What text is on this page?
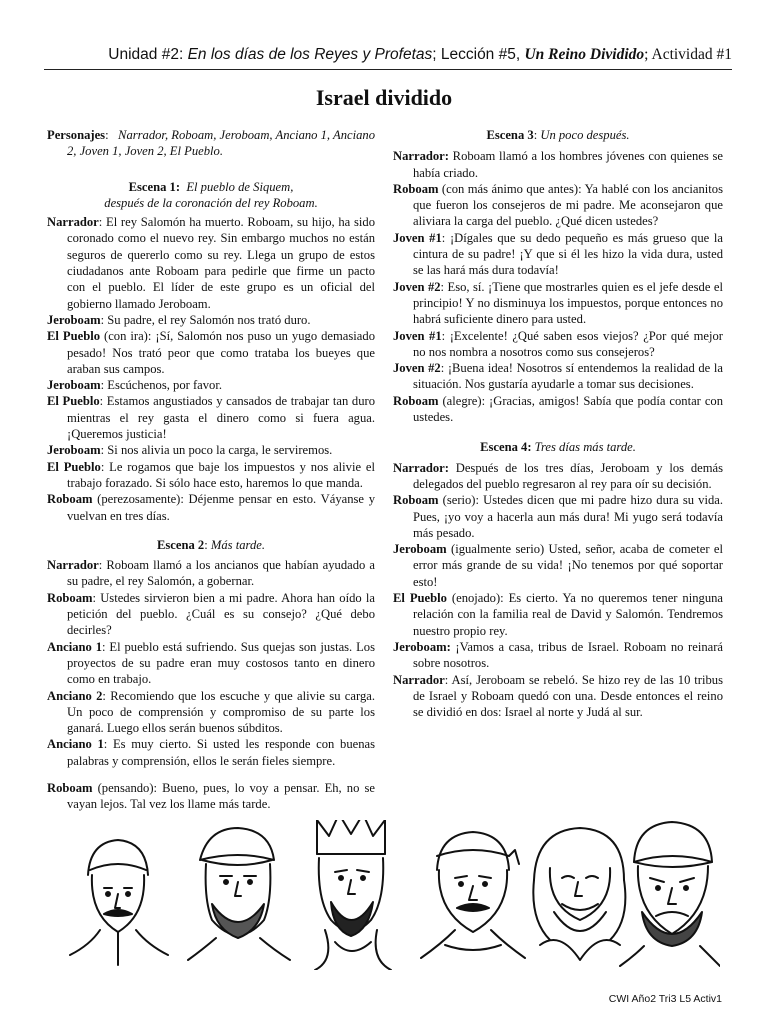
Unidad #2: En los días de los Reyes y Profetas; Lección #5, Un Reino Dividido; Actividad #1
Israel dividido

Personajes:   Narrador, Roboam, Jeroboam, Anciano 1, Anciano 2, Joven 1, Joven 2, El Pueblo.

Escena 1: El pueblo de Siquem,
después de la coronación del rey Roboam.

Narrador: El rey Salomón ha muerto. Roboam, su hijo, ha sido coronado como el nuevo rey. Sin embargo muchos no están seguros de quererlo como su rey. Llega un grupo de estos ciudadanos ante Roboam para pedirle que firme un pacto con el pueblo. El líder de este grupo es un oficial del gobierno llamado Jeroboam.

Jeroboam: Su padre, el rey Salomón nos trató duro.

El Pueblo (con ira): ¡Sí, Salomón nos puso un yugo demasiado pesado! Nos trató peor que como trataba los bueyes que araban sus campos.

Jeroboam: Escúchenos, por favor.

El Pueblo: Estamos angustiados y cansados de trabajar tan duro mientras el rey gasta el dinero como si fuera agua. ¡Queremos justicia!

Jeroboam: Si nos alivia un poco la carga, le serviremos.

El Pueblo: Le rogamos que baje los impuestos y nos alivie el trabajo forazado. Si sólo hace esto, haremos lo que manda.

Roboam (perezosamente): Déjenme pensar en esto. Váyanse y vuelvan en tres días.

Escena 2: Más tarde.

Narrador: Roboam llamó a los ancianos que habían ayudado a su padre, el rey Salomón, a gobernar.

Roboam: Ustedes sirvieron bien a mi padre. Ahora han oído la petición del pueblo. ¿Cuál es su consejo? ¿Qué debo decirles?

Anciano 1: El pueblo está sufriendo. Sus quejas son justas. Los proyectos de su padre eran muy costosos tanto en dinero como en trabajo.

Anciano 2: Recomiendo que los escuche y que alivie su carga. Un poco de comprensión y compromiso de su parte los ganará. Luego ellos serán buenos súbditos.

Anciano 1: Es muy cierto. Si usted les responde con buenas palabras y comprensión, ellos le serán fieles siempre.

Roboam (pensando): Bueno, pues, lo voy a pensar. Eh, no se vayan lejos. Tal vez los llame más tarde.

Escena 3: Un poco después.

Narrador: Roboam llamó a los hombres jóvenes con quienes se había criado.

Roboam (con más ánimo que antes): Ya hablé con los ancianitos que fueron los consejeros de mi padre. Me aconsejaron que aliviara la carga del pueblo. ¿Qué dicen ustedes?

Joven #1: ¡Dígales que su dedo pequeño es más grueso que la cintura de su padre! ¡Y que si él les hizo la vida dura, usted se las hará más dura todavía!

Joven #2: Eso, sí. ¡Tiene que mostrarles quien es el jefe desde el principio! Y no disminuya los impuestos, porque entonces no habrá suficiente dinero para usted.

Joven #1: ¡Excelente! ¿Qué saben esos viejos? ¿Por qué mejor no nos nombra a nosotros como sus consejeros?

Joven #2: ¡Buena idea! Nosotros sí entendemos la realidad de la situación. Nos gustaría ayudarle a tomar sus decisiones.

Roboam (alegre): ¡Gracias, amigos! Sabía que podía contar con ustedes.

Escena 4: Tres días más tarde.

Narrador: Después de los tres días, Jeroboam y los demás delegados del pueblo regresaron al rey para oír su decisión.

Roboam (serio): Ustedes dicen que mi padre hizo dura su vida. Pues, ¡yo voy a hacerla aun más dura! Mi yugo será todavía más pesado.

Jeroboam (igualmente serio) Usted, señor, acaba de cometer el error más grande de su vida! ¡No tenemos por qué soportar esto!

El Pueblo (enojado): Es cierto. Ya no queremos tener ninguna relación con la familia real de David y Salomón. Tendremos nuestro propio rey.

Jeroboam: ¡Vamos a casa, tribus de Israel. Roboam no reinará sobre nosotros.

Narrador: Así, Jeroboam se rebeló. Se hizo rey de las 10 tribus de Israel y Roboam quedó con una. Desde entonces el reino se dividió en dos: Israel al norte y Judá al sur.

CWI Año2 Tri3 L5 Activ1
